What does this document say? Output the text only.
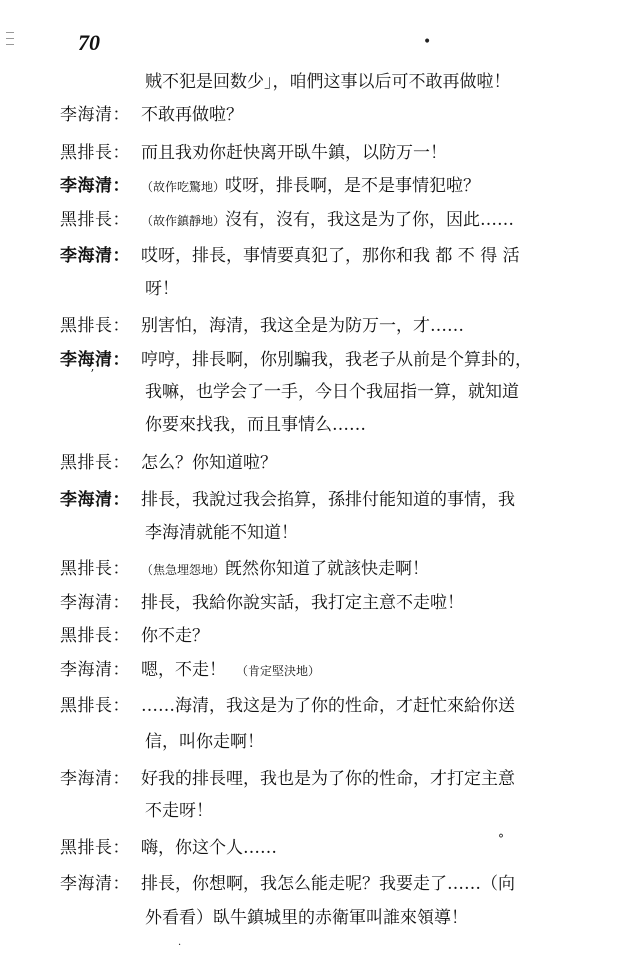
70	•
贼不犯是回数少」，咱們这事以后可不敢再做啦！
李海清： 不敢再做啦？
黑排長： 而且我劝你赶快离开臥牛鎮，以防万一！
李海清： （故作吃驚地）哎呀，排長啊，是不是事情犯啦？
黑排長： （故作鎮靜地）沒有，沒有，我这是为了你，因此……
李海清： 哎呀，排長，事情要真犯了，那你和我 都 不 得 活
呀！
黑排長： 别害怕，海清，我这全是为防万一，才……
李海清： 哼哼，排長啊，你別騙我，我老子从前是个算卦的，
我嘛，也学会了一手，今日个我屈指一算，就知道
你要來找我，而且事情么……
黑排長： 怎么？你知道啦？
李海清： 排長，我說过我会掐算，孫排付能知道的事情，我
李海清就能不知道！
黑排長： （焦急埋怨地）旣然你知道了就該快走啊！
李海清： 排長，我給你說实話，我打定主意不走啦！
黑排長： 你不走？
李海清： 嗯，不走！ （肯定堅決地）
黑排長： ……海清，我这是为了你的性命，才赶忙來給你送
信，叫你走啊！
李海清： 好我的排長哩，我也是为了你的性命，才打定主意
不走呀！
黑排長： 嗨，你这个人……
李海清： 排長，你想啊，我怎么能走呢？我要走了……（向
外看看）臥牛鎮城里的赤衛軍叫誰來領導！
ʼ
°
·
